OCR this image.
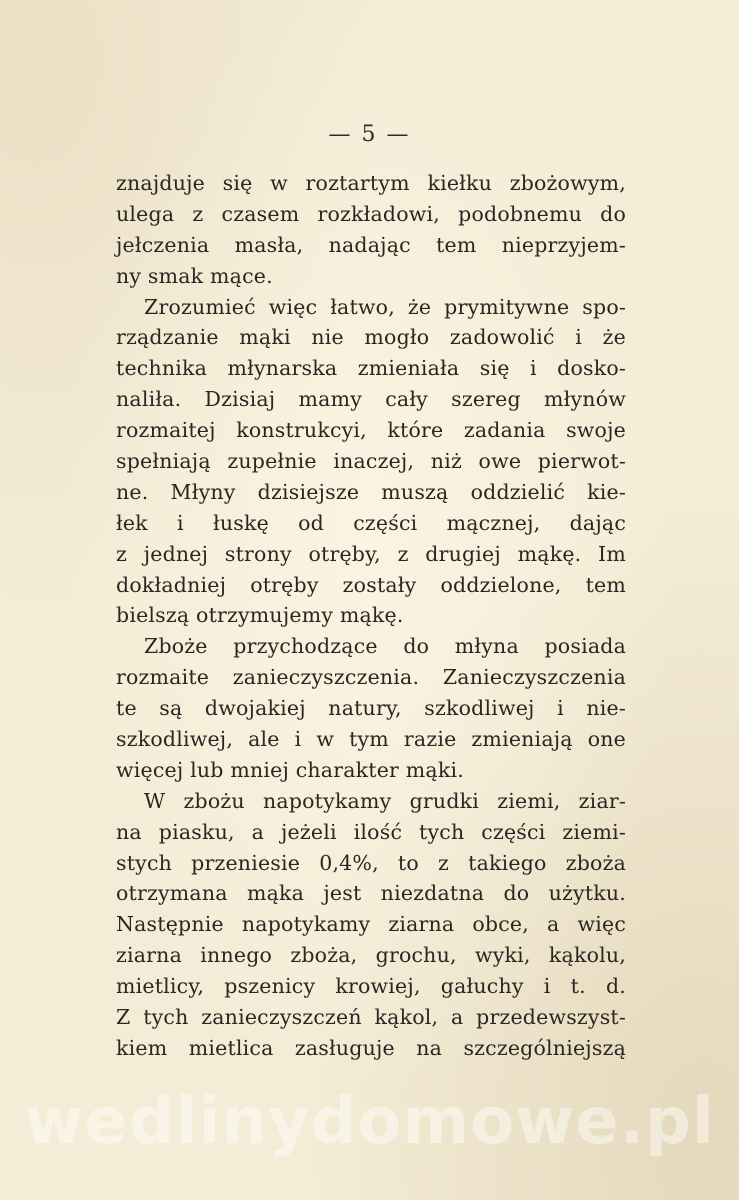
— 5 —
znajduje się w roztartym kiełku zbożowym,
ulega z czasem rozkładowi, podobnemu do
jełczenia masła, nadając tem nieprzyjem-
ny smak mące.
Zrozumieć więc łatwo, że prymitywne spo-
rządzanie mąki nie mogło zadowolić i że
technika młynarska zmieniała się i dosko-
naliła. Dzisiaj mamy cały szereg młynów
rozmaitej konstrukcyi, które zadania swoje
spełniają zupełnie inaczej, niż owe pierwot-
ne. Młyny dzisiejsze muszą oddzielić kie-
łek i łuskę od części mącznej, dając
z jednej strony otręby, z drugiej mąkę. Im
dokładniej otręby zostały oddzielone, tem
bielszą otrzymujemy mąkę.
Zboże przychodzące do młyna posiada
rozmaite zanieczyszczenia. Zanieczyszczenia
te są dwojakiej natury, szkodliwej i nie-
szkodliwej, ale i w tym razie zmieniają one
więcej lub mniej charakter mąki.
W zbożu napotykamy grudki ziemi, ziar-
na piasku, a jeżeli ilość tych części ziemi-
stych przeniesie 0,4%, to z takiego zboża
otrzymana mąka jest niezdatna do użytku.
Następnie napotykamy ziarna obce, a więc
ziarna innego zboża, grochu, wyki, kąkolu,
mietlicy, pszenicy krowiej, gałuchy i t. d.
Z tych zanieczyszczeń kąkol, a przedewszyst-
kiem mietlica zasługuje na szczególniejszą
wedlinydomowe.pl
